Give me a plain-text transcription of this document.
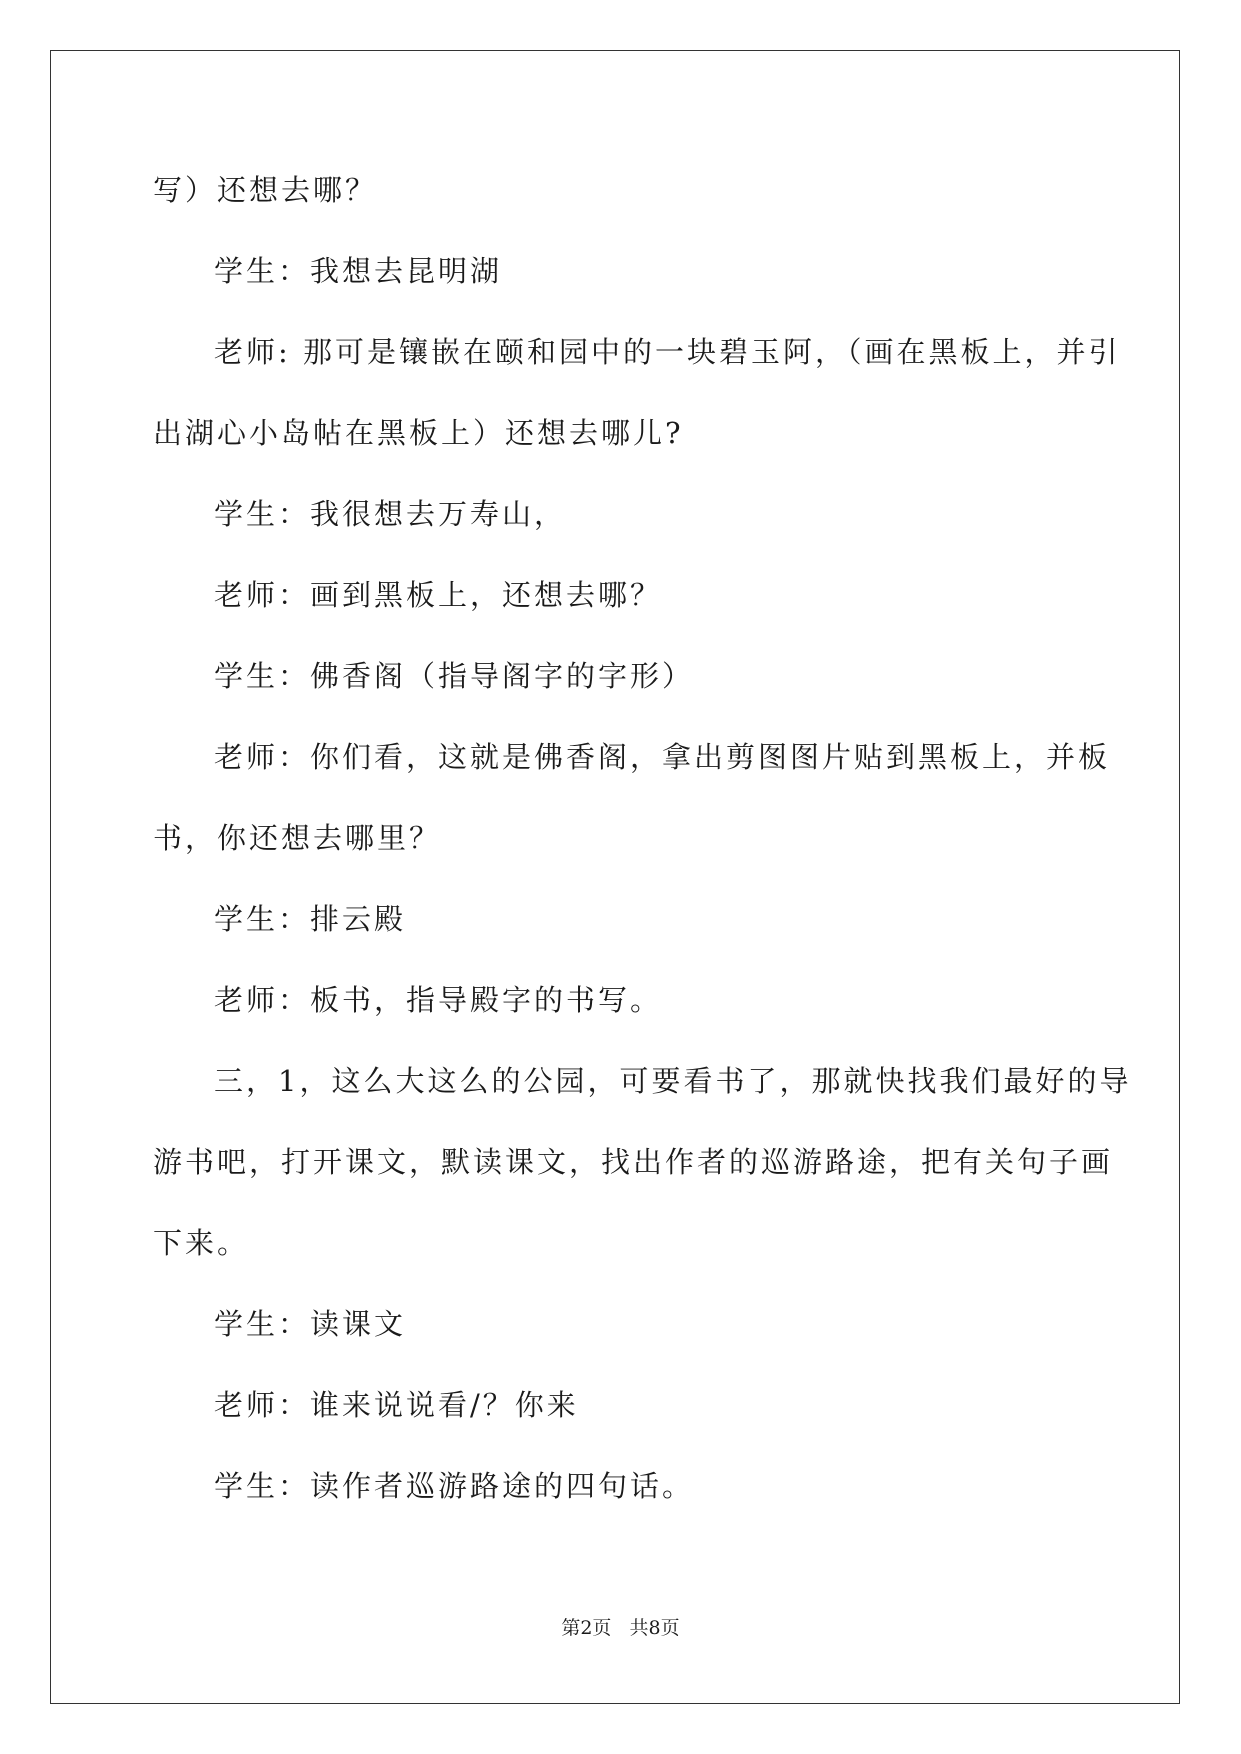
写）还想去哪？
学生：我想去昆明湖
老师: 那可是镶嵌在颐和园中的一块碧玉阿，（画在黑板上，并引
出湖心小岛帖在黑板上）还想去哪儿?
学生：我很想去万寿山，
老师：画到黑板上，还想去哪？
学生：佛香阁（指导阁字的字形）
老师：你们看，这就是佛香阁，拿出剪图图片贴到黑板上，并板
书，你还想去哪里？
学生：排云殿
老师：板书，指导殿字的书写。
三，1，这么大这么的公园，可要看书了，那就快找我们最好的导
游书吧，打开课文，默读课文，找出作者的巡游路途，把有关句子画
下来。
学生：读课文
老师：谁来说说看/？你来
学生：读作者巡游路途的四句话。
第2页   共8页
